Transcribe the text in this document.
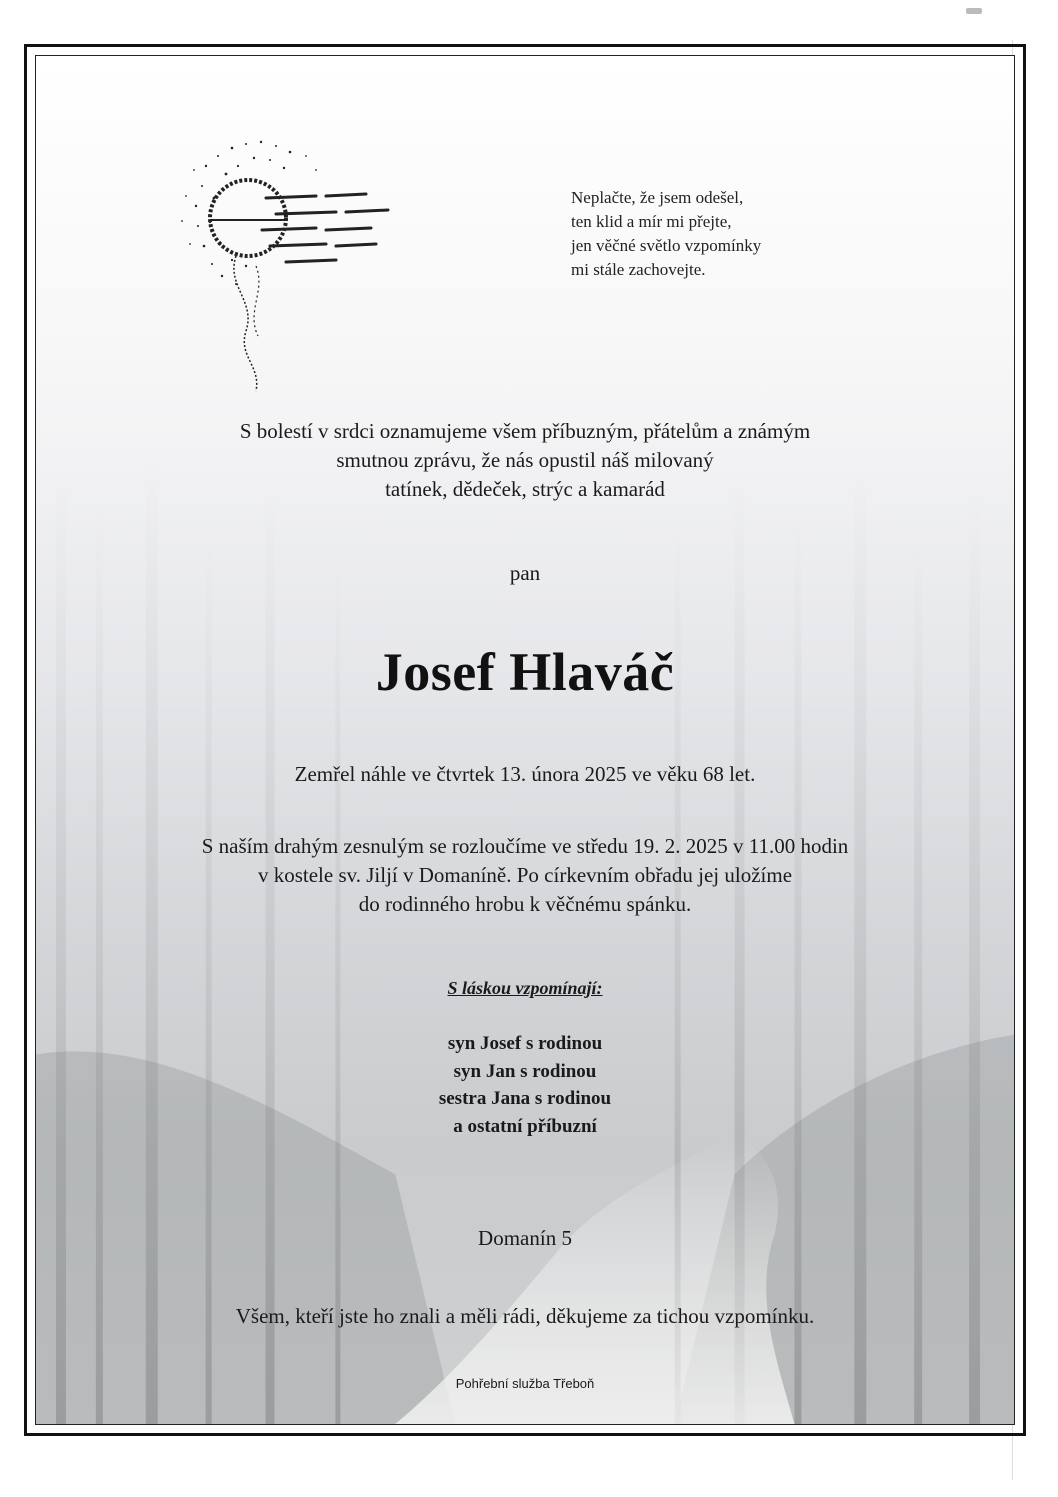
Neplačte, že jsem odešel,
ten klid a mír mi přejte,
jen věčné světlo vzpomínky
mi stále zachovejte.
S bolestí v srdci oznamujeme všem příbuzným, přátelům a známým
smutnou zprávu, že nás opustil náš milovaný
tatínek, dědeček, strýc a kamarád
pan
Josef Hlaváč
Zemřel náhle ve čtvrtek 13. února 2025 ve věku 68 let.
S naším drahým zesnulým se rozloučíme ve středu 19. 2. 2025 v 11.00 hodin
v kostele sv. Jiljí v Domaníně. Po církevním obřadu jej uložíme
do rodinného hrobu k věčnému spánku.
S láskou vzpomínají:
syn Josef s rodinou
syn Jan s rodinou
sestra Jana s rodinou
a ostatní příbuzní
Domanín 5
Všem, kteří jste ho znali a měli rádi, děkujeme za tichou vzpomínku.
Pohřební služba Třeboň
